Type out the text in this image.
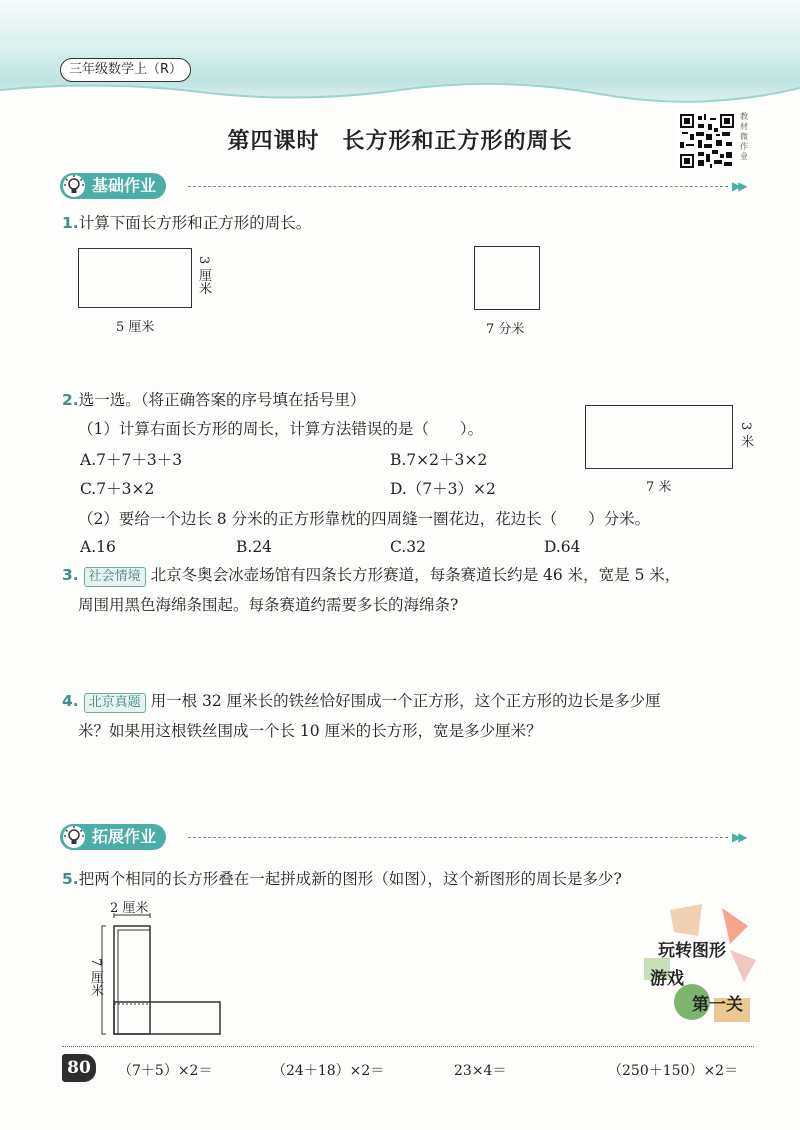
三年级数学上（R）
第四课时　长方形和正方形的周长
教
材
微
作
业
基础作业	▶▶
1.计算下面长方形和正方形的周长。
5 厘米
3 厘米
7 分米
2.选一选。（将正确答案的序号填在括号里）
（1）计算右面长方形的周长，计算方法错误的是（　　）。
A.7＋7＋3＋3	B.7×2＋3×2
C.7＋3×2	D.（7＋3）×2	7 米
3 米
（2）要给一个边长 8 分米的正方形靠枕的四周缝一圈花边，花边长（　　）分米。
A.16	B.24	C.32	D.64
3. 社会情境 北京冬奥会冰壶场馆有四条长方形赛道，每条赛道长约是 46 米，宽是 5 米，
周围用黑色海绵条围起。每条赛道约需要多长的海绵条?
4. 北京真题 用一根 32 厘米长的铁丝恰好围成一个正方形，这个正方形的边长是多少厘
米？如果用这根铁丝围成一个长 10 厘米的长方形，宽是多少厘米？
拓展作业	▶▶
5.把两个相同的长方形叠在一起拼成新的图形（如图），这个新图形的周长是多少?
2 厘米
7 厘米
玩转图形
游戏
第一关
80	（7＋5）×2＝	（24＋18）×2＝	23×4＝	（250＋150）×2＝
